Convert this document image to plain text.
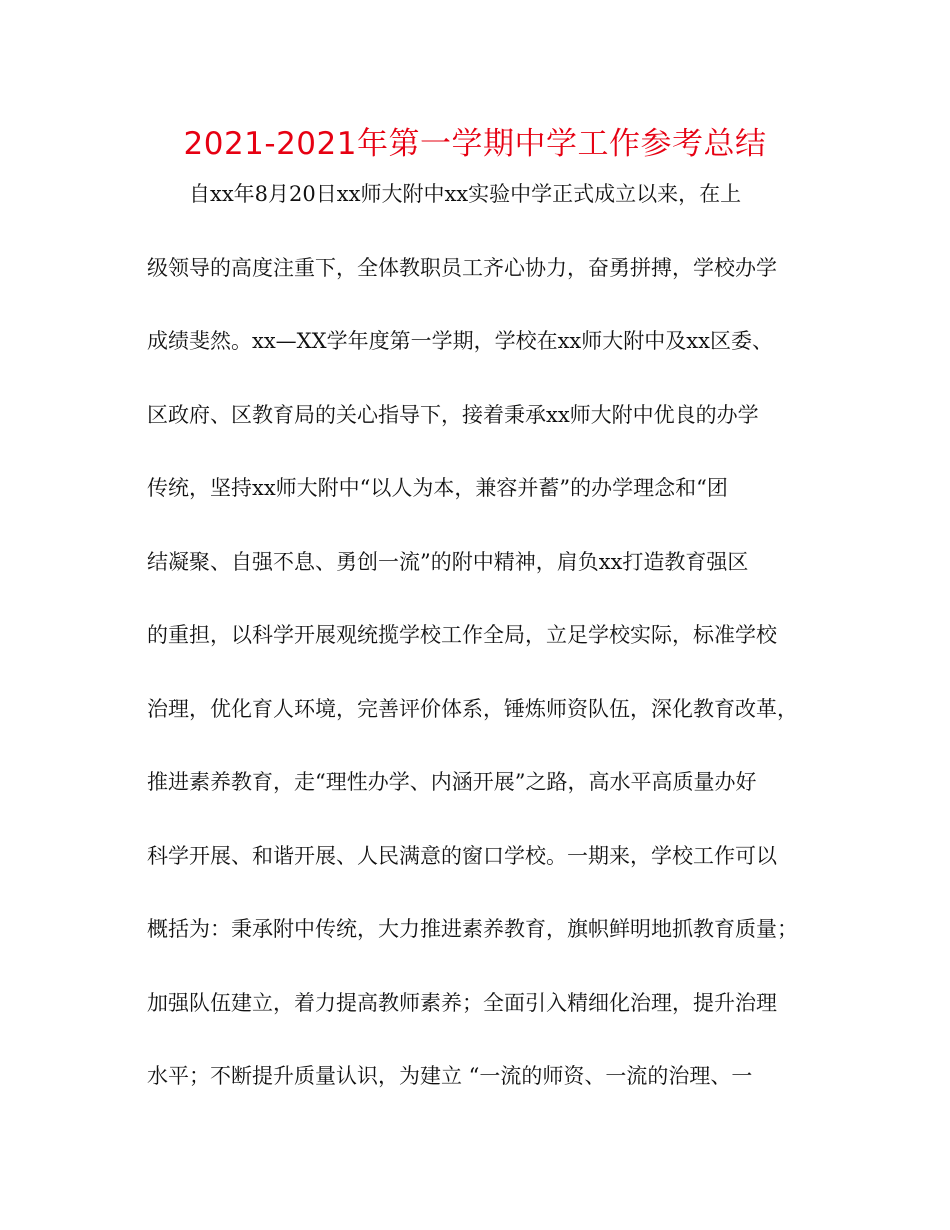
2021-2021年第一学期中学工作参考总结
自xx年8月20日xx师大附中xx实验中学正式成立以来，在上
级领导的高度注重下，全体教职员工齐心协力，奋勇拼搏，学校办学
成绩斐然。xx—XX学年度第一学期，学校在xx师大附中及xx区委、
区政府、区教育局的关心指导下，接着秉承xx师大附中优良的办学
传统，坚持xx师大附中“以人为本，兼容并蓄”的办学理念和“团
结凝聚、自强不息、勇创一流”的附中精神，肩负xx打造教育强区
的重担，以科学开展观统揽学校工作全局，立足学校实际，标准学校
治理，优化育人环境，完善评价体系，锤炼师资队伍，深化教育改革，
推进素养教育，走“理性办学、内涵开展”之路，高水平高质量办好
科学开展、和谐开展、人民满意的窗口学校。一期来，学校工作可以
概括为：秉承附中传统，大力推进素养教育，旗帜鲜明地抓教育质量；
加强队伍建立，着力提高教师素养；全面引入精细化治理，提升治理
水平；不断提升质量认识，为建立 “一流的师资、一流的治理、一
